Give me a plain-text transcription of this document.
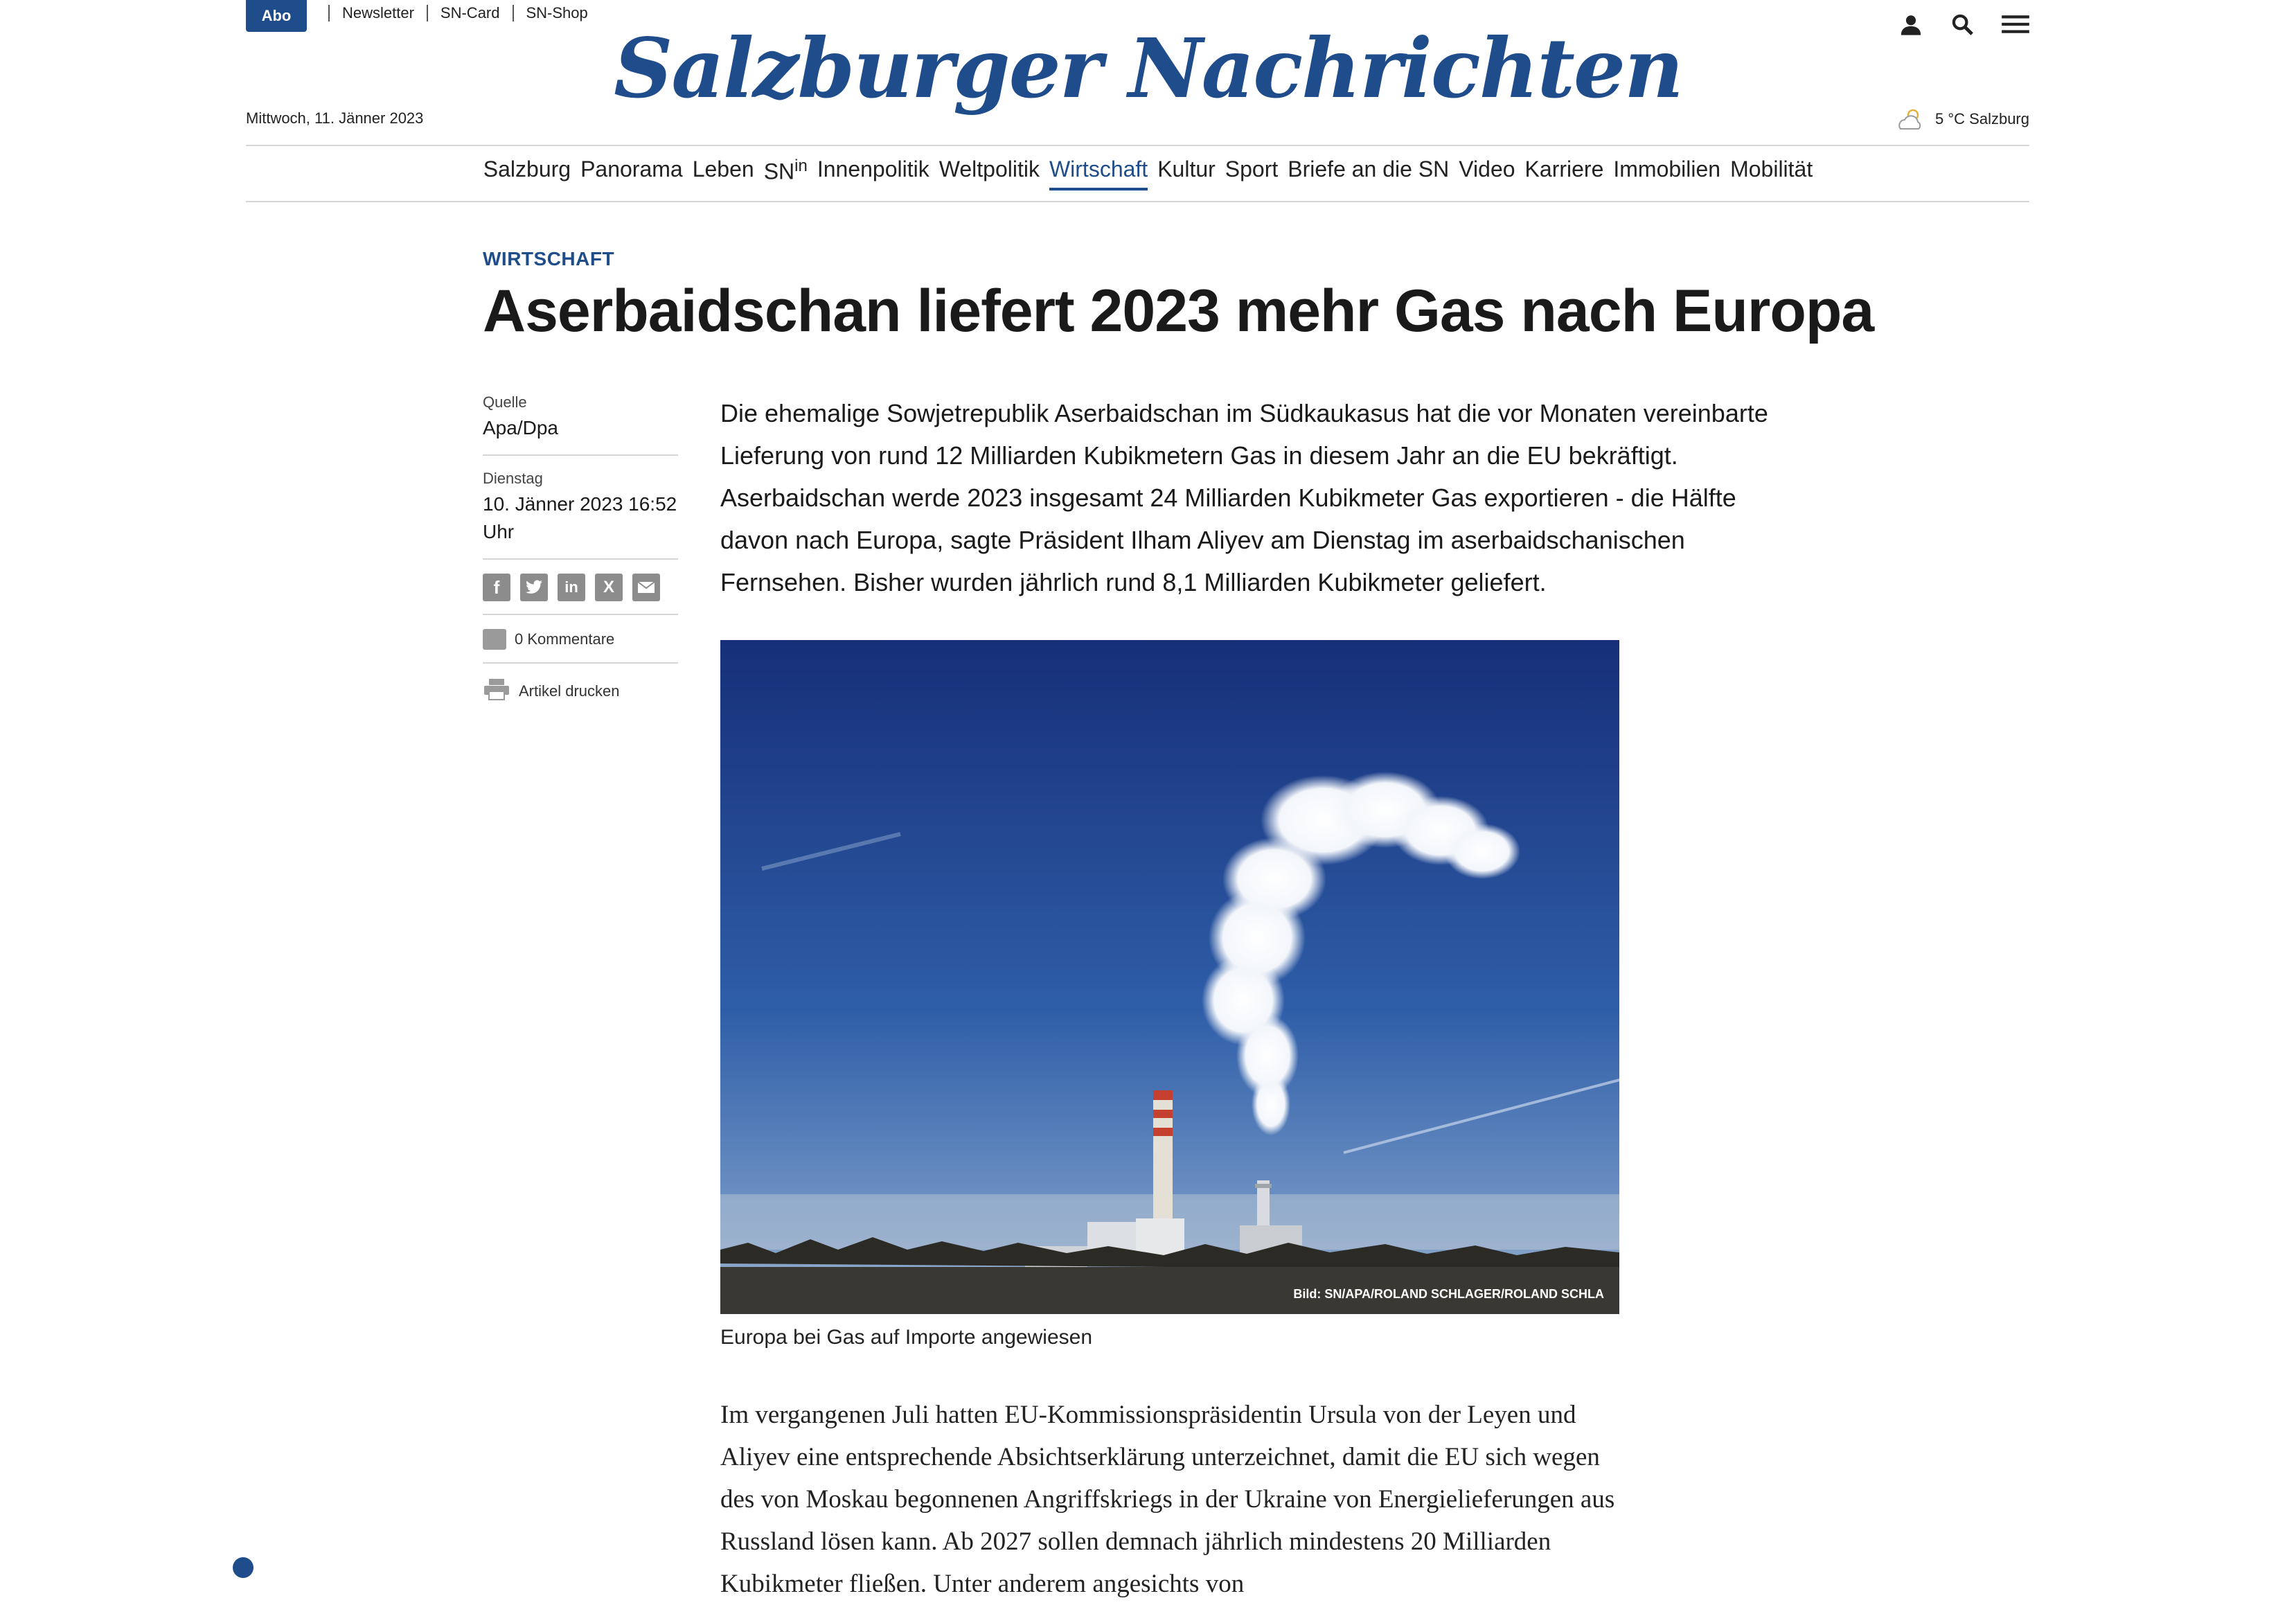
Abo	Newsletter SN-Card SN-Shop
Salzburger Nachrichten
Mittwoch, 11. Jänner 2023	5 °C Salzburg
Salzburg Panorama Leben $SN^{in}$ Innenpolitik Weltpolitik Wirtschaft Kultur Sport Briefe an die SN Video Karriere Immobilien Mobilität
WIRTSCHAFT
Aserbaidschan liefert 2023 mehr Gas nach Europa
Quelle
Apa/Dpa
Dienstag
10. Jänner 2023 16:52 Uhr
f	in	X
0 Kommentare
Artikel drucken
Die ehemalige Sowjetrepublik Aserbaidschan im Südkaukasus hat die vor Monaten vereinbarte Lieferung von rund 12 Milliarden Kubikmetern Gas in diesem Jahr an die EU bekräftigt. Aserbaidschan werde 2023 insgesamt 24 Milliarden Kubikmeter Gas exportieren - die Hälfte davon nach Europa, sagte Präsident Ilham Aliyev am Dienstag im aserbaidschanischen Fernsehen. Bisher wurden jährlich rund 8,1 Milliarden Kubikmeter geliefert.
Bild: SN/APA/ROLAND SCHLAGER/ROLAND SCHLA
Europa bei Gas auf Importe angewiesen
Im vergangenen Juli hatten EU-Kommissionspräsidentin Ursula von der Leyen und Aliyev eine entsprechende Absichtserklärung unterzeichnet, damit die EU sich wegen des von Moskau begonnenen Angriffskriegs in der Ukraine von Energielieferungen aus Russland lösen kann. Ab 2027 sollen demnach jährlich mindestens 20 Milliarden Kubikmeter fließen. Unter anderem angesichts von
